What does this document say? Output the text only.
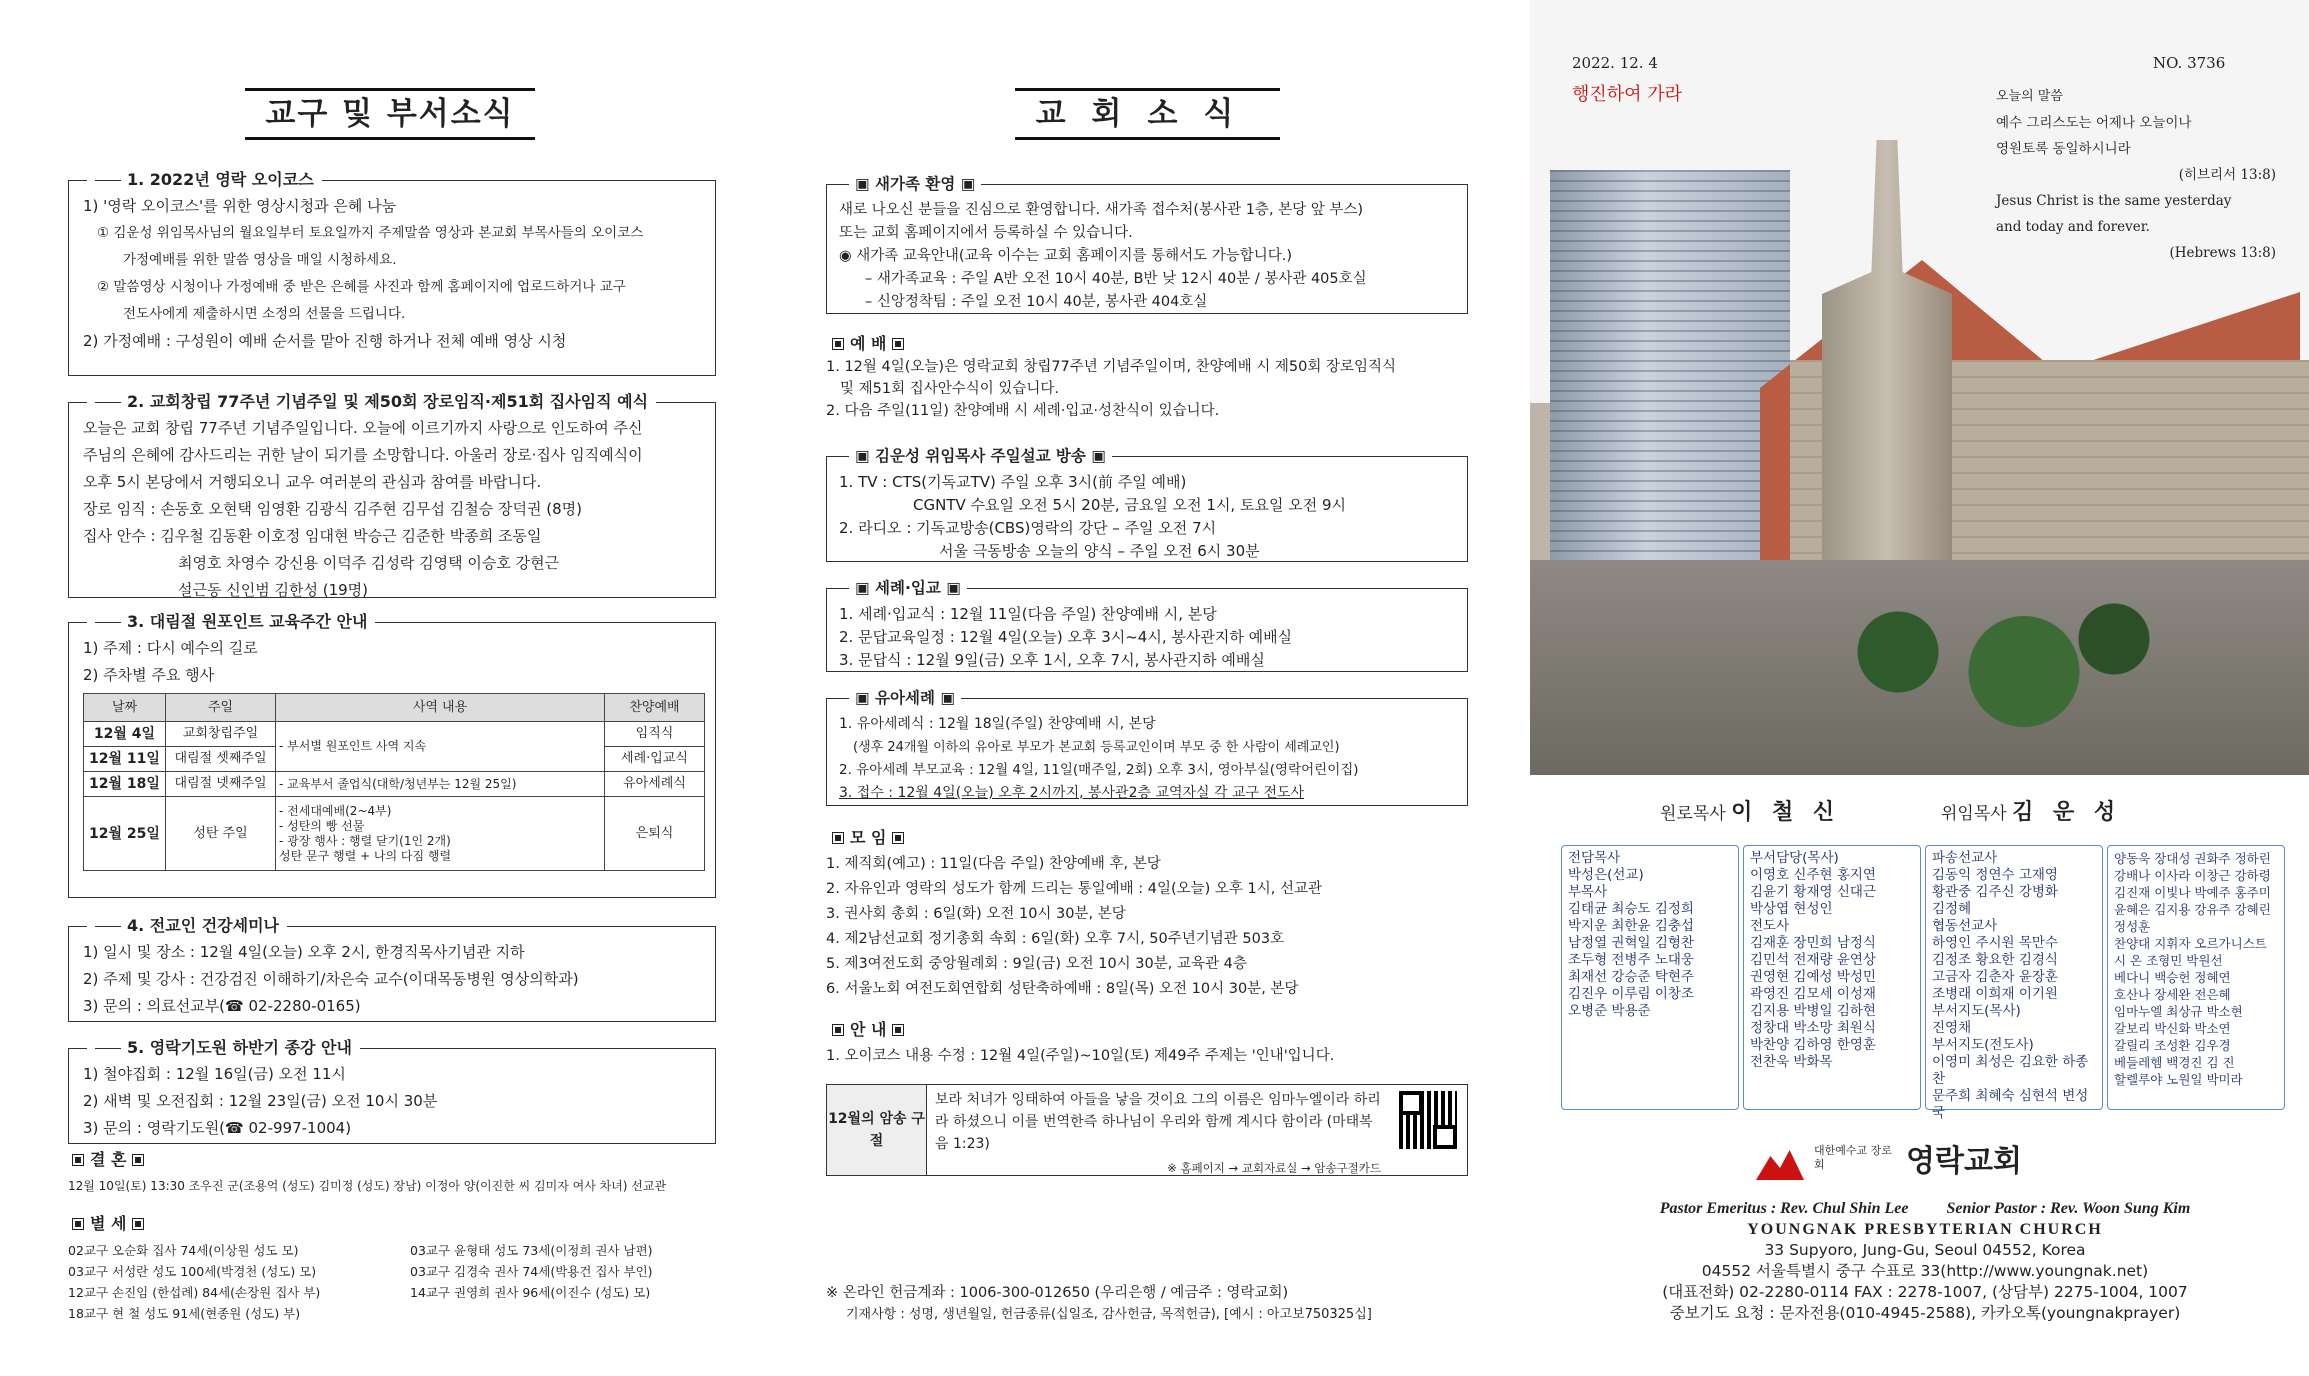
교구 및 부서소식
1. 2022년 영락 오이코스
1) '영락 오이코스'를 위한 영상시청과 은혜 나눔
① 김운성 위임목사님의 월요일부터 토요일까지 주제말씀 영상과 본교회 부목사들의 오이코스
가정예배를 위한 말씀 영상을 매일 시청하세요.
② 말씀영상 시청이나 가정예배 중 받은 은혜를 사진과 함께 홈페이지에 업로드하거나 교구
전도사에게 제출하시면 소정의 선물을 드립니다.
2) 가정예배 : 구성원이 예배 순서를 맡아 진행 하거나 전체 예배 영상 시청
2. 교회창립 77주년 기념주일 및 제50회 장로임직·제51회 집사임직 예식
오늘은 교회 창립 77주년 기념주일입니다. 오늘에 이르기까지 사랑으로 인도하여 주신
주님의 은혜에 감사드리는 귀한 날이 되기를 소망합니다. 아울러 장로·집사 임직예식이
오후 5시 본당에서 거행되오니 교우 여러분의 관심과 참여를 바랍니다.
장로 임직 : 손동호 오현택 임영환 김광식 김주현 김무섭 김철승 장덕권 (8명)
집사 안수 : 김우철 김동환 이호정 임대현 박승근 김준한 박종희 조동일
최영호 차영수 강신용 이덕주 김성락 김영택 이승호 강현근
설근동 신인범 김한성 (19명)
3. 대림절 원포인트 교육주간 안내
1) 주제 : 다시 예수의 길로
2) 주차별 주요 행사
날짜	주일	사역 내용	찬양예배
12월 4일	교회창립주일	- 부서별 원포인트 사역 지속	임직식
12월 11일	대림절 셋째주일		세례·입교식
12월 18일	대림절 넷째주일	- 교육부서 졸업식(대학/청년부는 12월 25일)	유아세례식
12월 25일	성탄 주일	- 전세대예배(2~4부)
- 성탄의 빵 선물
- 광장 행사 : 행렬 닫기(1인 2개)
성탄 문구 행렬 + 나의 다짐 행렬	은퇴식
4. 전교인 건강세미나
1) 일시 및 장소 : 12월 4일(오늘) 오후 2시, 한경직목사기념관 지하
2) 주제 및 강사 : 건강검진 이해하기/차은숙 교수(이대목동병원 영상의학과)
3) 문의 : 의료선교부(☎ 02-2280-0165)
5. 영락기도원 하반기 종강 안내
1) 철야집회 : 12월 16일(금) 오전 11시
2) 새벽 및 오전집회 : 12월 23일(금) 오전 10시 30분
3) 문의 : 영락기도원(☎ 02-997-1004)
결 혼
12월 10일(토) 13:30 조우진 군(조용억 (성도) 김미정 (성도) 장남) 이정아 양(이진한 씨 김미자 여사 차녀) 선교관
별 세
02교구 오순화 집사 74세(이상원 성도 모)
03교구 서성란 성도 100세(박경천 (성도) 모)
12교구 손진임 (한섭례) 84세(손장원 집사 부)
18교구 현 철 성도 91세(현종원 (성도) 부)
03교구 윤형태 성도 73세(이정희 권사 남편)
03교구 김경숙 권사 74세(박용건 집사 부인)
14교구 권영희 권사 96세(이진수 (성도) 모)
교회소식
▣ 새가족 환영 ▣
새로 나오신 분들을 진심으로 환영합니다. 새가족 접수처(봉사관 1층, 본당 앞 부스)
또는 교회 홈페이지에서 등록하실 수 있습니다.
◉ 새가족 교육안내(교육 이수는 교회 홈페이지를 통해서도 가능합니다.)
– 새가족교육 : 주일 A반 오전 10시 40분, B반 낮 12시 40분 / 봉사관 405호실
– 신앙정착팀 : 주일 오전 10시 40분, 봉사관 404호실
예 배
1. 12월 4일(오늘)은 영락교회 창립77주년 기념주일이며, 찬양예배 시 제50회 장로임직식
및 제51회 집사안수식이 있습니다.
2. 다음 주일(11일) 찬양예배 시 세례·입교·성찬식이 있습니다.
▣ 김운성 위임목사 주일설교 방송 ▣
1. TV : CTS(기독교TV) 주일 오후 3시(前 주일 예배)
CGNTV 수요일 오전 5시 20분, 금요일 오전 1시, 토요일 오전 9시
2. 라디오 : 기독교방송(CBS)영락의 강단 – 주일 오전 7시
서울 극동방송 오늘의 양식 – 주일 오전 6시 30분
▣ 세례·입교 ▣
1. 세례·입교식 : 12월 11일(다음 주일) 찬양예배 시, 본당
2. 문답교육일정 : 12월 4일(오늘) 오후 3시~4시, 봉사관지하 예배실
3. 문답식 : 12월 9일(금) 오후 1시, 오후 7시, 봉사관지하 예배실
▣ 유아세례 ▣
1. 유아세례식 : 12월 18일(주일) 찬양예배 시, 본당
(생후 24개월 이하의 유아로 부모가 본교회 등록교인이며 부모 중 한 사람이 세례교인)
2. 유아세례 부모교육 : 12월 4일, 11일(매주일, 2회) 오후 3시, 영아부실(영락어린이집)
3. 접수 : 12월 4일(오늘) 오후 2시까지, 봉사관2층 교역자실 각 교구 전도사
모 임
1. 제직회(예고) : 11일(다음 주일) 찬양예배 후, 본당
2. 자유인과 영락의 성도가 함께 드리는 통일예배 : 4일(오늘) 오후 1시, 선교관
3. 권사회 총회 : 6일(화) 오전 10시 30분, 본당
4. 제2남선교회 정기총회 속회 : 6일(화) 오후 7시, 50주년기념관 503호
5. 제3여전도회 중앙월례회 : 9일(금) 오전 10시 30분, 교육관 4층
6. 서울노회 여전도회연합회 성탄축하예배 : 8일(목) 오전 10시 30분, 본당
안 내
1. 오이코스 내용 수정 : 12월 4일(주일)~10일(토) 제49주 주제는 '인내'입니다.
12월의 암송 구절
보라 처녀가 잉태하여 아들을 낳을 것이요 그의 이름은 임마누엘이라 하리라 하셨으니 이를 번역한즉 하나님이 우리와 함께 계시다 함이라 (마태복음 1:23)
※ 홈페이지 → 교회자료실 → 암송구절카드
※ 온라인 헌금계좌 : 1006-300-012650 (우리은행 / 예금주 : 영락교회)
기재사항 : 성명, 생년월일, 헌금종류(십일조, 감사헌금, 목적헌금), [예시 : 아고보750325십]
2022. 12. 4
행진하여 가라
NO. 3736
오늘의 말씀
예수 그리스도는 어제나 오늘이나
영원토록 동일하시니라
(히브리서 13:8)
Jesus Christ is the same yesterday
and today and forever.
(Hebrews 13:8)
원로목사 이 철 신	위임목사 김 운 성
전담목사
박성은(선교)
부목사
김태균 최승도 김정희
박지운 최한윤 김충섭
남정열 권혁일 김형찬
조두형 전병주 노대웅
최재선 강승준 탁현주
김진우 이루림 이창조
오병준 박용준
부서담당(목사)
이영호 신주현 홍지연
김윤기 황재영 신대근
박상엽 현성인
전도사
김재훈 장민희 남정식
김민석 전재량 윤연상
권영현 김예성 박성민
곽영진 김모세 이성재
김지용 박병일 김하현
정창대 박소망 최원식
박찬양 김하영 한영훈
전찬욱 박화목
파송선교사
김동익 정연수 고재영
황관중 김주신 강병화
김정혜
협동선교사
하영인 주시원 목만수
김정조 황요한 김경식
고금자 김춘자 윤장훈
조병래 이희재 이기원
부서지도(목사)
진영채
부서지도(전도사)
이영미 최성은 김요한 하종찬
문주희 최혜숙 심현석 변성국
양동욱 장대성 권화주 정하린
강배나 이사라 이창근 강하령
김진재 이빛나 박예주 홍주미
윤혜은 김지용 강유주 강혜린
정성훈
찬양대 지휘자 오르가니스트
시 온 조형민 박원선
베다니 백승헌 정혜연
호산나 장세완 전은혜
임마누엘 최상규 박소현
갈보리 박신화 박소연
갈릴리 조성환 김우경
베들레헴 백경진 김 진
할렐루야 노원일 박미라
대한예수교 장로회	영락교회
Pastor Emeritus : Rev. Chul Shin Lee Senior Pastor : Rev. Woon Sung Kim
YOUNGNAK PRESBYTERIAN CHURCH
33 Supyoro, Jung-Gu, Seoul 04552, Korea
04552 서울특별시 중구 수표로 33(http://www.youngnak.net)
(대표전화) 02-2280-0114 FAX : 2278-1007, (상담부) 2275-1004, 1007
중보기도 요청 : 문자전용(010-4945-2588), 카카오톡(youngnakprayer)
